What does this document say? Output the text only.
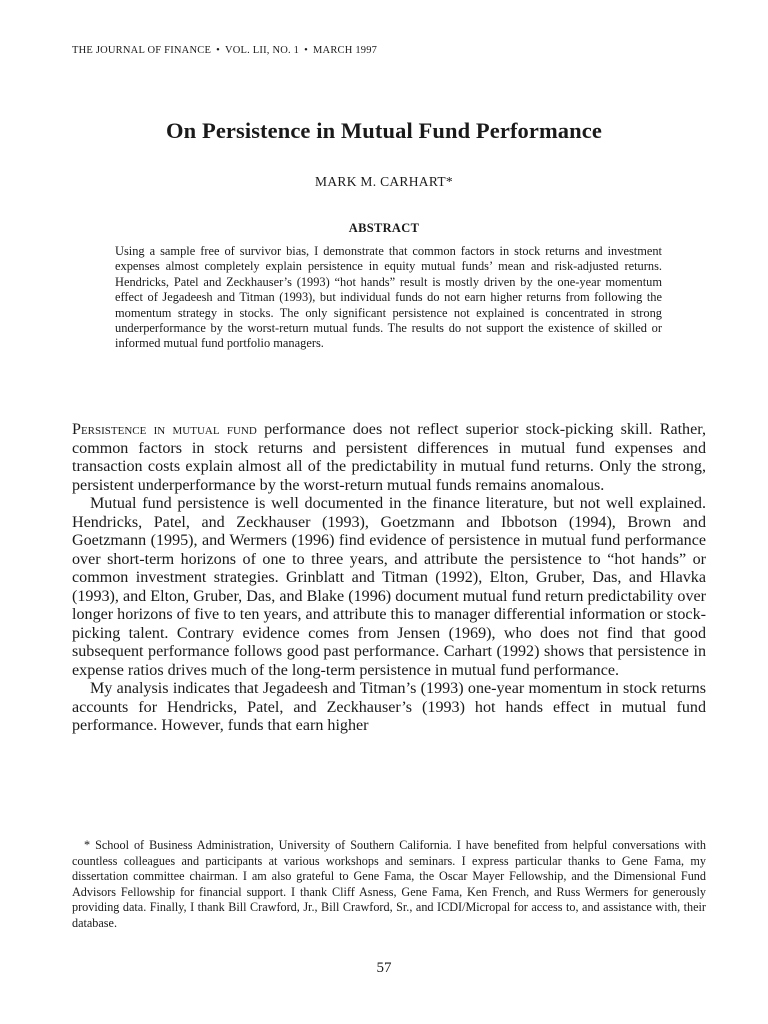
THE JOURNAL OF FINANCE • VOL. LII, NO. 1 • MARCH 1997
On Persistence in Mutual Fund Performance
MARK M. CARHART*
ABSTRACT

Using a sample free of survivor bias, I demonstrate that common factors in stock returns and investment expenses almost completely explain persistence in equity mutual funds’ mean and risk-adjusted returns. Hendricks, Patel and Zeckhauser’s (1993) “hot hands” result is mostly driven by the one-year momentum effect of Jegadeesh and Titman (1993), but individual funds do not earn higher returns from following the momentum strategy in stocks. The only significant persistence not explained is concentrated in strong underperformance by the worst-return mutual funds. The results do not support the existence of skilled or informed mutual fund portfolio managers.

Persistence in mutual fund performance does not reflect superior stock-picking skill. Rather, common factors in stock returns and persistent differences in mutual fund expenses and transaction costs explain almost all of the predictability in mutual fund returns. Only the strong, persistent underperformance by the worst-return mutual funds remains anomalous.

Mutual fund persistence is well documented in the finance literature, but not well explained. Hendricks, Patel, and Zeckhauser (1993), Goetzmann and Ibbotson (1994), Brown and Goetzmann (1995), and Wermers (1996) find evidence of persistence in mutual fund performance over short-term horizons of one to three years, and attribute the persistence to “hot hands” or common investment strategies. Grinblatt and Titman (1992), Elton, Gruber, Das, and Hlavka (1993), and Elton, Gruber, Das, and Blake (1996) document mutual fund return predictability over longer horizons of five to ten years, and attribute this to manager differential information or stock-picking talent. Contrary evidence comes from Jensen (1969), who does not find that good subsequent performance follows good past performance. Carhart (1992) shows that persistence in expense ratios drives much of the long-term persistence in mutual fund performance.

My analysis indicates that Jegadeesh and Titman’s (1993) one-year momentum in stock returns accounts for Hendricks, Patel, and Zeckhauser’s (1993) hot hands effect in mutual fund performance. However, funds that earn higher

* School of Business Administration, University of Southern California. I have benefited from helpful conversations with countless colleagues and participants at various workshops and seminars. I express particular thanks to Gene Fama, my dissertation committee chairman. I am also grateful to Gene Fama, the Oscar Mayer Fellowship, and the Dimensional Fund Advisors Fellowship for financial support. I thank Cliff Asness, Gene Fama, Ken French, and Russ Wermers for generously providing data. Finally, I thank Bill Crawford, Jr., Bill Crawford, Sr., and ICDI/Micropal for access to, and assistance with, their database.

57
